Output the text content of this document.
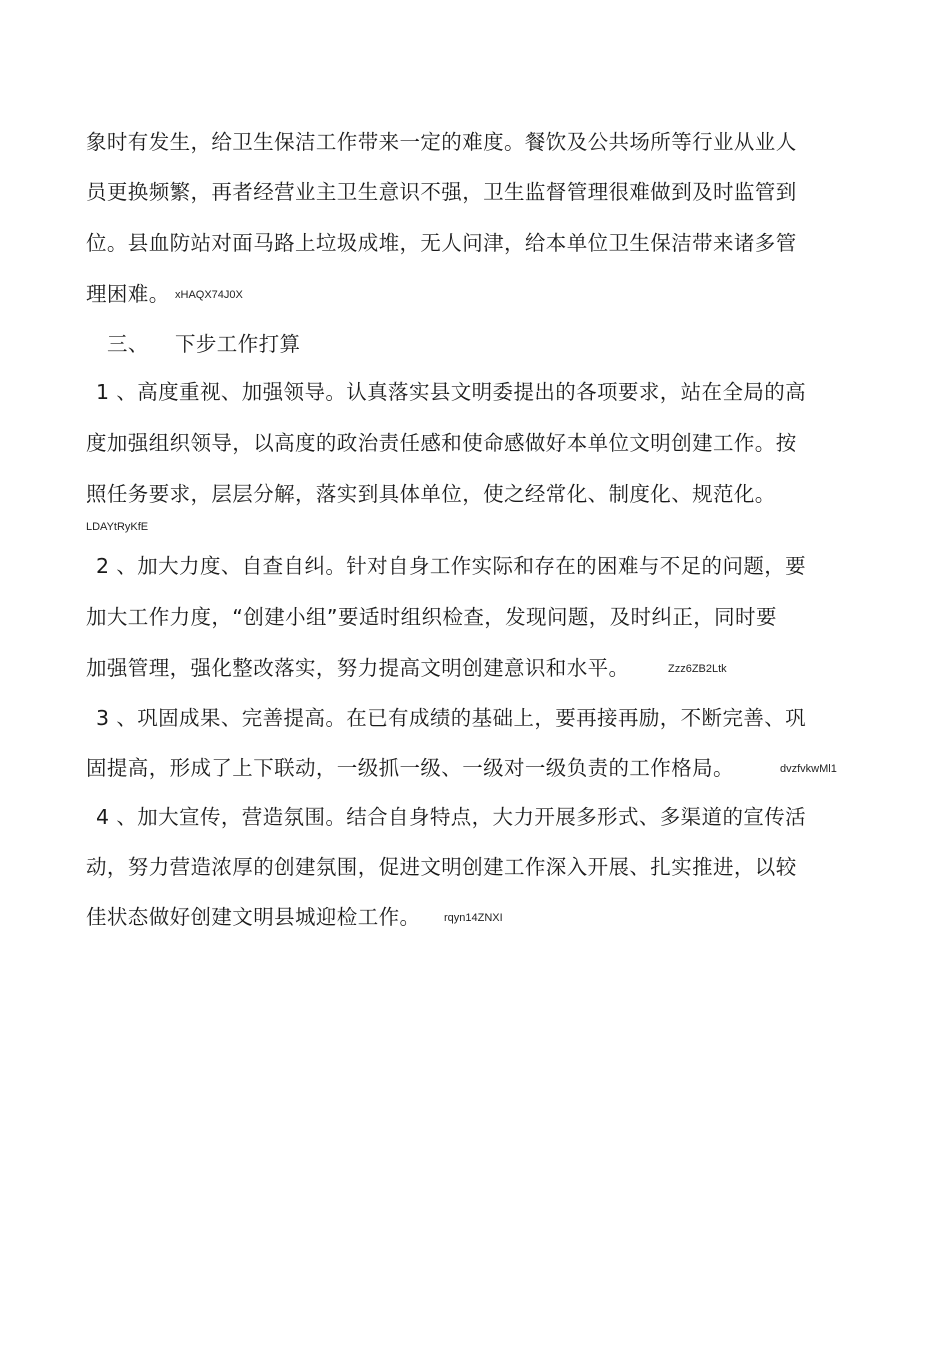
象时有发生，给卫生保洁工作带来一定的难度。餐饮及公共场所等行业从业人
员更换频繁，再者经营业主卫生意识不强，卫生监督管理很难做到及时监管到
位。县血防站对面马路上垃圾成堆，无人问津，给本单位卫生保洁带来诸多管
理困难。 xHAQX74J0X
三、 下步工作打算
1 、高度重视、加强领导。认真落实县文明委提出的各项要求，站在全局的高
度加强组织领导，以高度的政治责任感和使命感做好本单位文明创建工作。按
照任务要求，层层分解，落实到具体单位，使之经常化、制度化、规范化。
LDAYtRyKfE
2 、加大力度、自查自纠。针对自身工作实际和存在的困难与不足的问题，要
加大工作力度，“创建小组”要适时组织检查，发现问题，及时纠正，同时要
加强管理，强化整改落实，努力提高文明创建意识和水平。	Zzz6ZB2Ltk
3 、巩固成果、完善提高。在已有成绩的基础上，要再接再励，不断完善、巩
固提高，形成了上下联动，一级抓一级、一级对一级负责的工作格局。	dvzfvkwMl1
4 、加大宣传，营造氛围。结合自身特点，大力开展多形式、多渠道的宣传活
动，努力营造浓厚的创建氛围，促进文明创建工作深入开展、扎实推进，以较
佳状态做好创建文明县城迎检工作。 rqyn14ZNXI
